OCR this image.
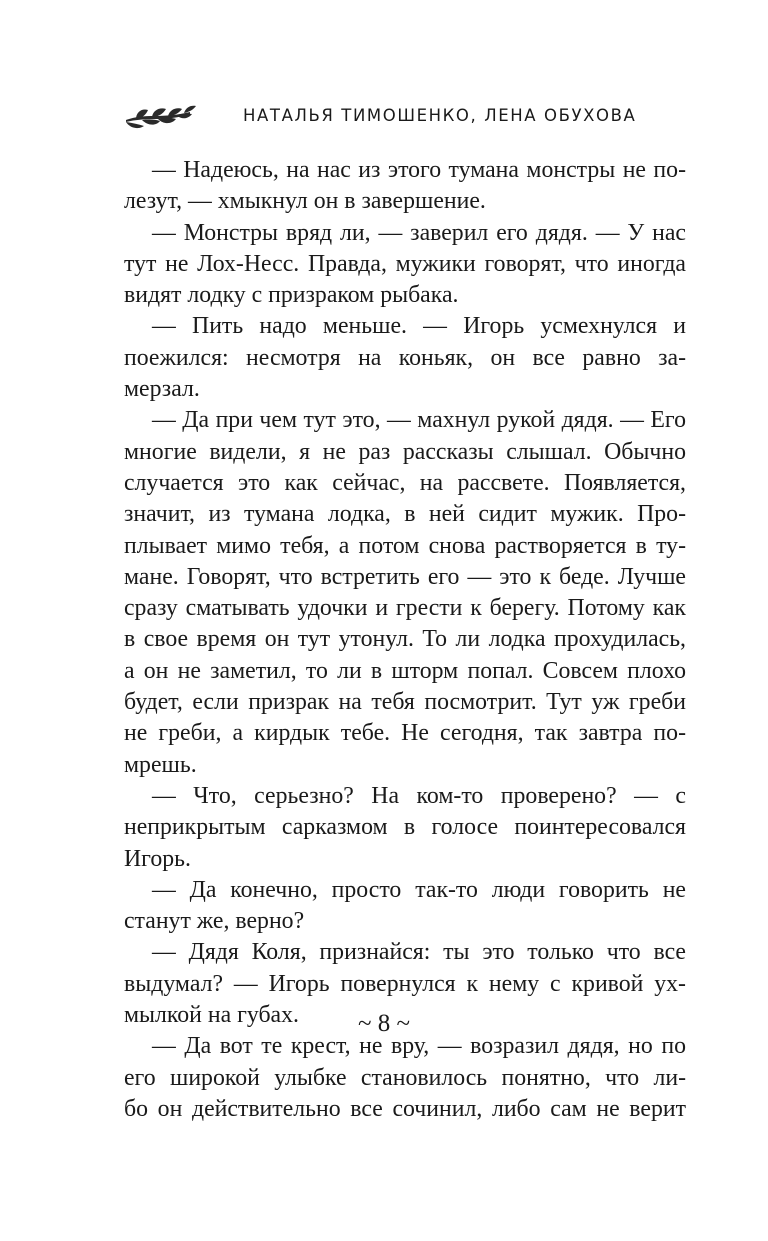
НАТАЛЬЯ ТИМОШЕНКО, ЛЕНА ОБУХОВА
— Надеюсь, на нас из этого тумана монстры не по-
лезут, — хмыкнул он в завершение.
— Монстры вряд ли, — заверил его дядя. — У нас
тут не Лох-Несс. Правда, мужики говорят, что иногда
видят лодку с призраком рыбака.
— Пить надо меньше. — Игорь усмехнулся и
поежился: несмотря на коньяк, он все равно за-
мерзал.
— Да при чем тут это, — махнул рукой дядя. — Его
многие видели, я не раз рассказы слышал. Обычно
случается это как сейчас, на рассвете. Появляется,
значит, из тумана лодка, в ней сидит мужик. Про-
плывает мимо тебя, а потом снова растворяется в ту-
мане. Говорят, что встретить его — это к беде. Лучше
сразу сматывать удочки и грести к берегу. Потому как
в свое время он тут утонул. То ли лодка прохудилась,
а он не заметил, то ли в шторм попал. Совсем плохо
будет, если призрак на тебя посмотрит. Тут уж греби
не греби, а кирдык тебе. Не сегодня, так завтра по-
мрешь.
— Что, серьезно? На ком-то проверено? — с
неприкрытым сарказмом в голосе поинтересовался
Игорь.
— Да конечно, просто так-то люди говорить не
станут же, верно?
— Дядя Коля, признайся: ты это только что все
выдумал? — Игорь повернулся к нему с кривой ух-
мылкой на губах.
— Да вот те крест, не вру, — возразил дядя, но по
его широкой улыбке становилось понятно, что ли-
бо он действительно все сочинил, либо сам не верит
~ 8 ~
